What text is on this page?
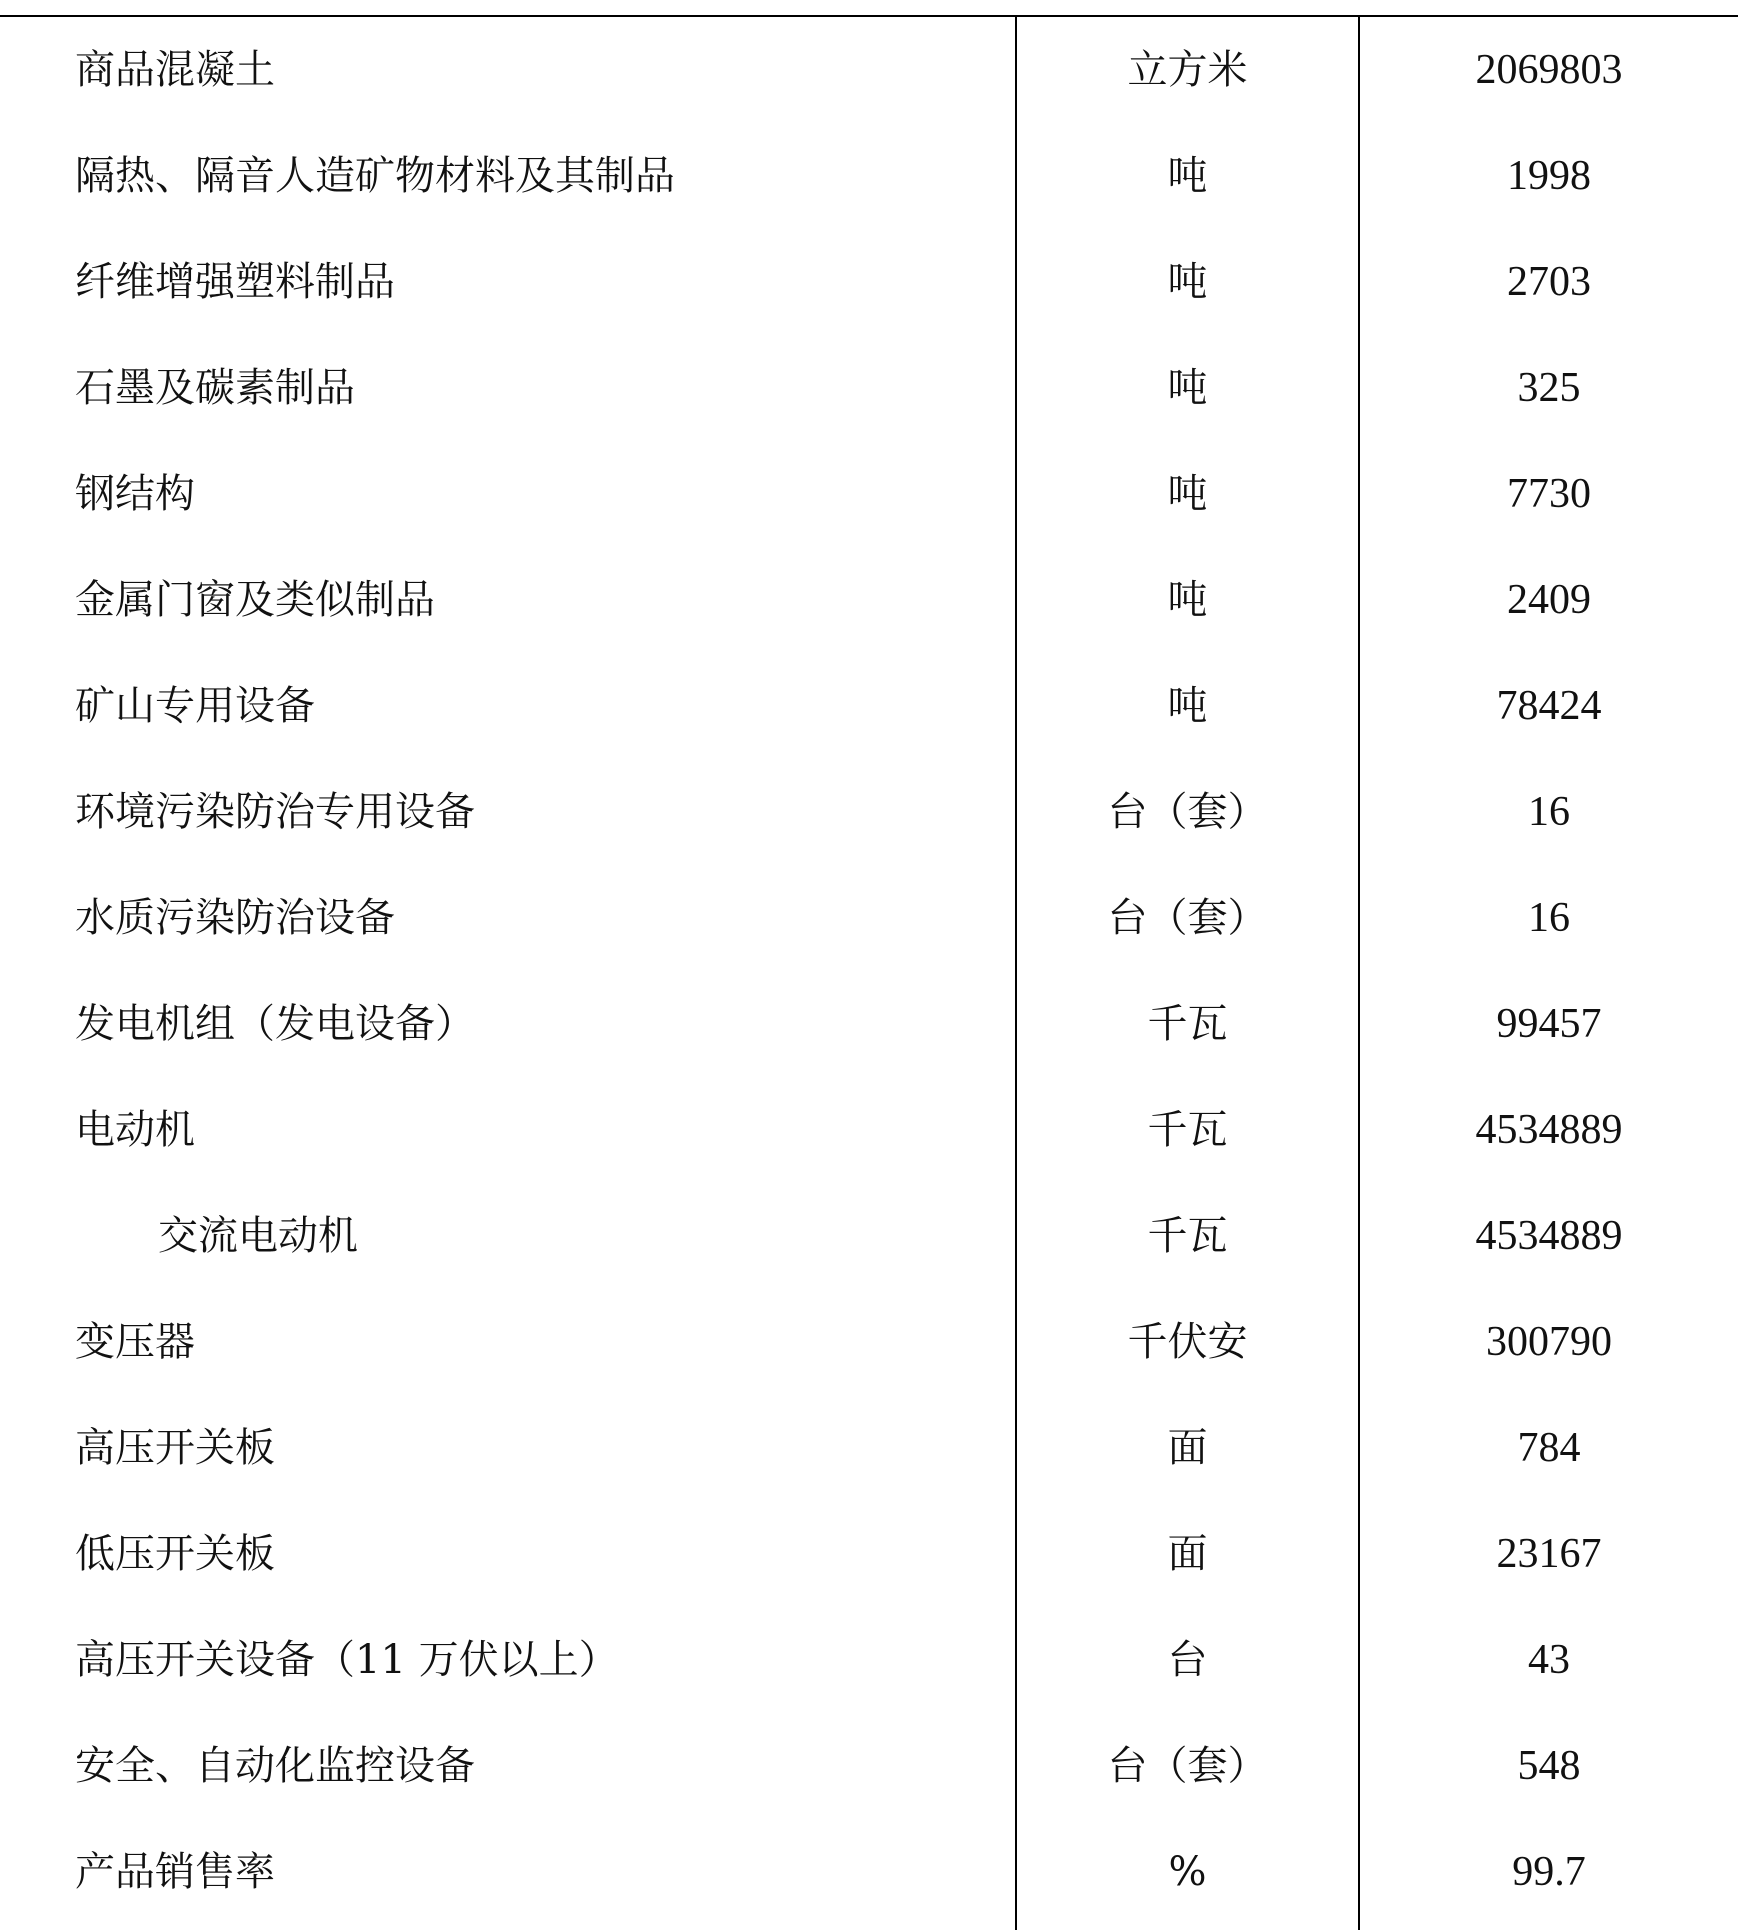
商品混凝土	立方米	2069803
隔热、隔音人造矿物材料及其制品	吨	1998
纤维增强塑料制品	吨	2703
石墨及碳素制品	吨	325
钢结构	吨	7730
金属门窗及类似制品	吨	2409
矿山专用设备	吨	78424
环境污染防治专用设备	台（套）	16
水质污染防治设备	台（套）	16
发电机组（发电设备）	千瓦	99457
电动机	千瓦	4534889
交流电动机	千瓦	4534889
变压器	千伏安	300790
高压开关板	面	784
低压开关板	面	23167
高压开关设备（11 万伏以上）	台	43
安全、自动化监控设备	台（套）	548
产品销售率	%	99.7
